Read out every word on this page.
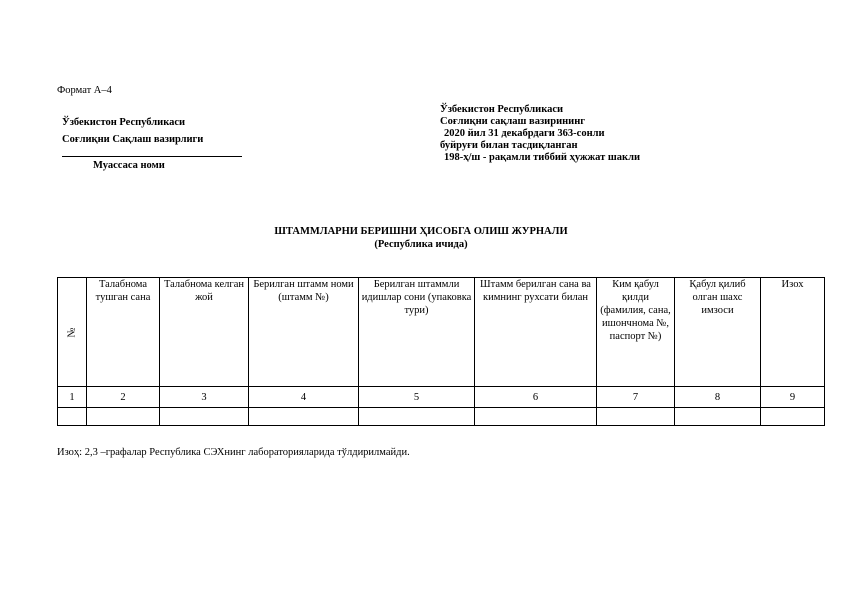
Формат А–4
Ўзбекистон Республикаси
Соғлиқни Сақлаш вазирлиги
Муассаса номи
Ўзбекистон Республикаси
Соғлиқни сақлаш вазирининг
2020 йил 31 декабрдаги 363-сонли
буйруғи билан тасдиқланган
198-ҳ/ш - рақамли тиббий ҳужжат шакли
ШТАММЛАРНИ БЕРИШНИ ҲИСОБГА ОЛИШ ЖУРНАЛИ
(Республика ичида)
№	Талабнома тушган сана	Талабнома келган жой	Берилган штамм номи (штамм №)	Берилган штаммли идишлар сони (упаковка тури)	Штамм берилган сана ва кимнинг рухсати билан	Ким қабул қилди (фамилия, сана, ишончнома №, паспорт №)	Қабул қилиб олган шахс имзоси	Изох
1	2	3	4	5	6	7	8	9

Изоҳ: 2,3 –графалар Республика СЭХнинг лабораторияларида тўлдирилмайди.
